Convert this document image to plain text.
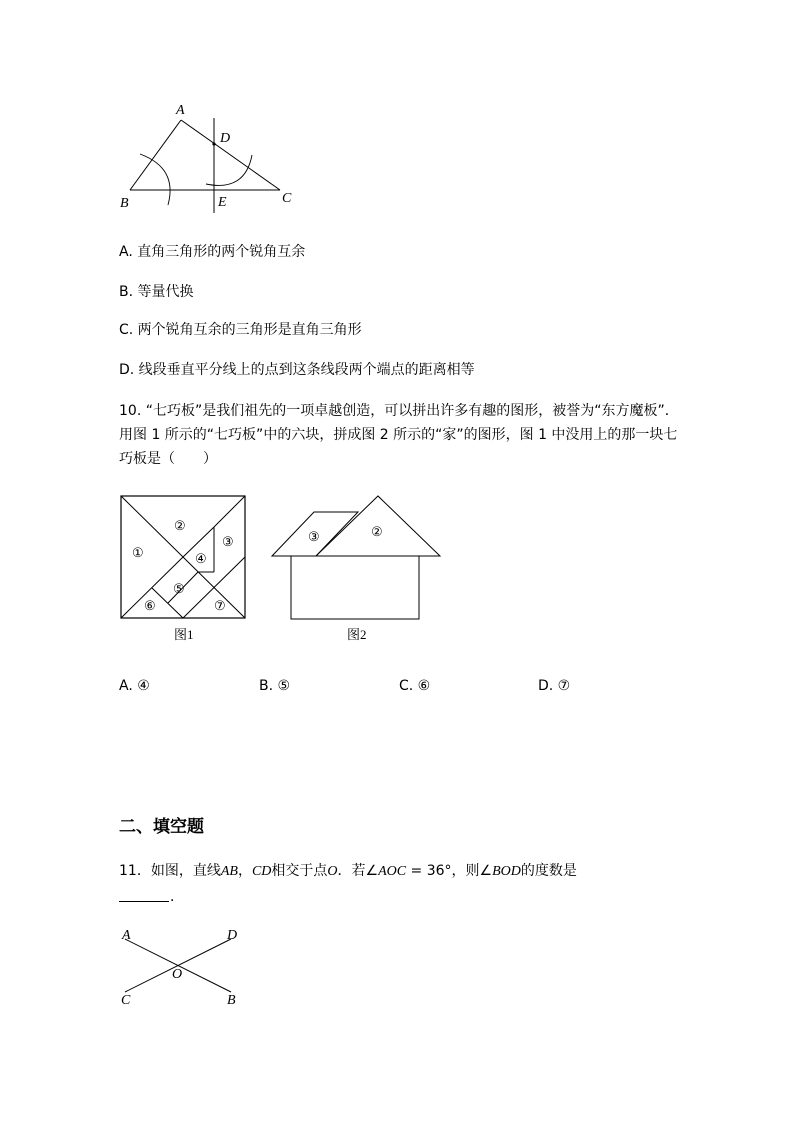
A
B	C
D
E
A. 直角三角形的两个锐角互余
B. 等量代换
C. 两个锐角互余的三角形是直角三角形
D. 线段垂直平分线上的点到这条线段两个端点的距离相等
10. “七巧板”是我们祖先的一项卓越创造，可以拼出许多有趣的图形，被誉为“东方魔板”．用图 1 所示的“七巧板”中的六块，拼成图 2 所示的“家”的图形，图 1 中没用上的那一块七巧板是（　　）
①
②
③
④
⑤
⑥	⑦
图1
③	②
图2
A. ④	B. ⑤	C. ⑥	D. ⑦
二、填空题
11．如图，直线AB，CD相交于点O．若∠AOC = 36°，则∠BOD的度数是
．
A	D
O
C	B
